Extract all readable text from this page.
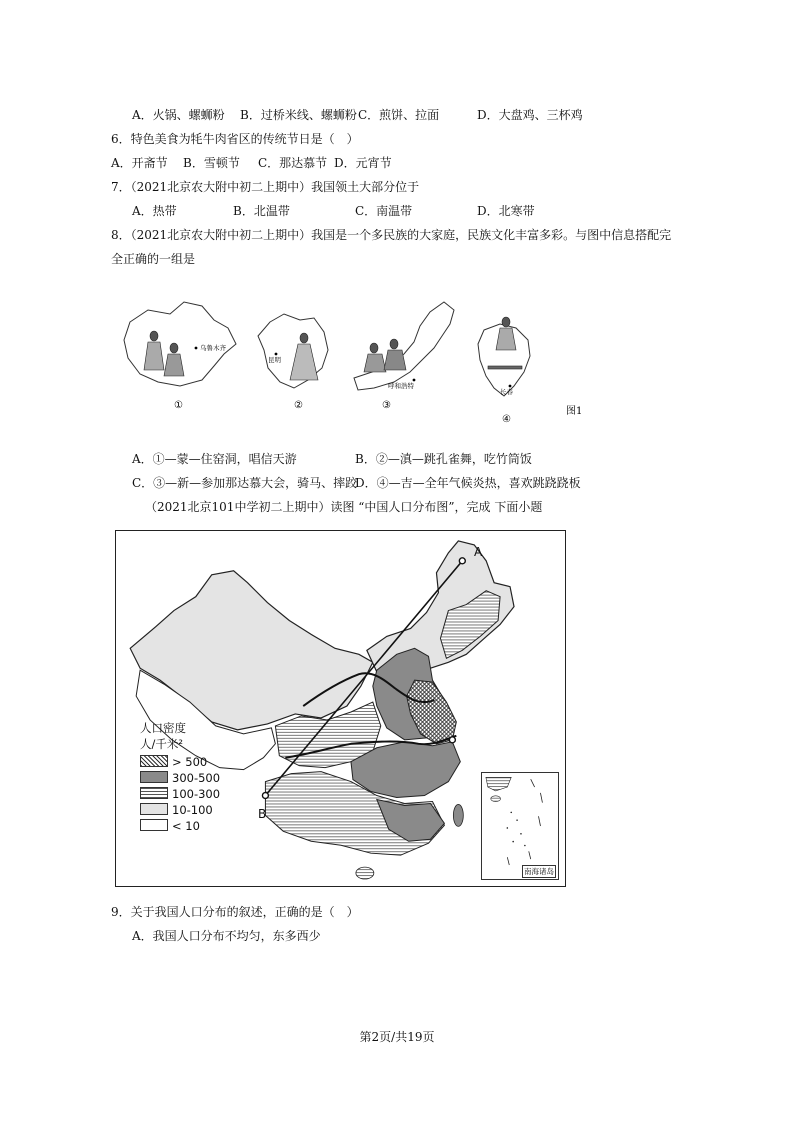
A．火锅、螺蛳粉 B．过桥米线、螺蛳粉 C．煎饼、拉面	D．大盘鸡、三杯鸡
6．特色美食为牦牛肉省区的传统节日是（　）
A．开斋节 B．雪顿节 C．那达慕节 D．元宵节
7．（2021北京农大附中初二上期中）我国领土大部分位于
A．热带	B．北温带	C．南温带	D．北寒带
8．（2021北京农大附中初二上期中）我国是一个多民族的大家庭，民族文化丰富多彩。与图中信息搭配完
全正确的一组是
乌鲁木齐
昆明
呼和浩特
长春
①	②	③
④
图1
A．①—蒙—住窑洞，唱信天游	B．②—滇—跳孔雀舞，吃竹筒饭
C．③—新—参加那达慕大会，骑马、摔跤
D．④—吉—全年气候炎热，喜欢跳跷跷板
（2021北京101中学初二上期中）读图 “中国人口分布图”，完成 下面小题
A
B
人口密度
人/千米²
> 500
300-500
100-300
10-100
< 10
南海诸岛
9．关于我国人口分布的叙述，正确的是（　）
A．我国人口分布不均匀，东多西少
第2页/共19页
